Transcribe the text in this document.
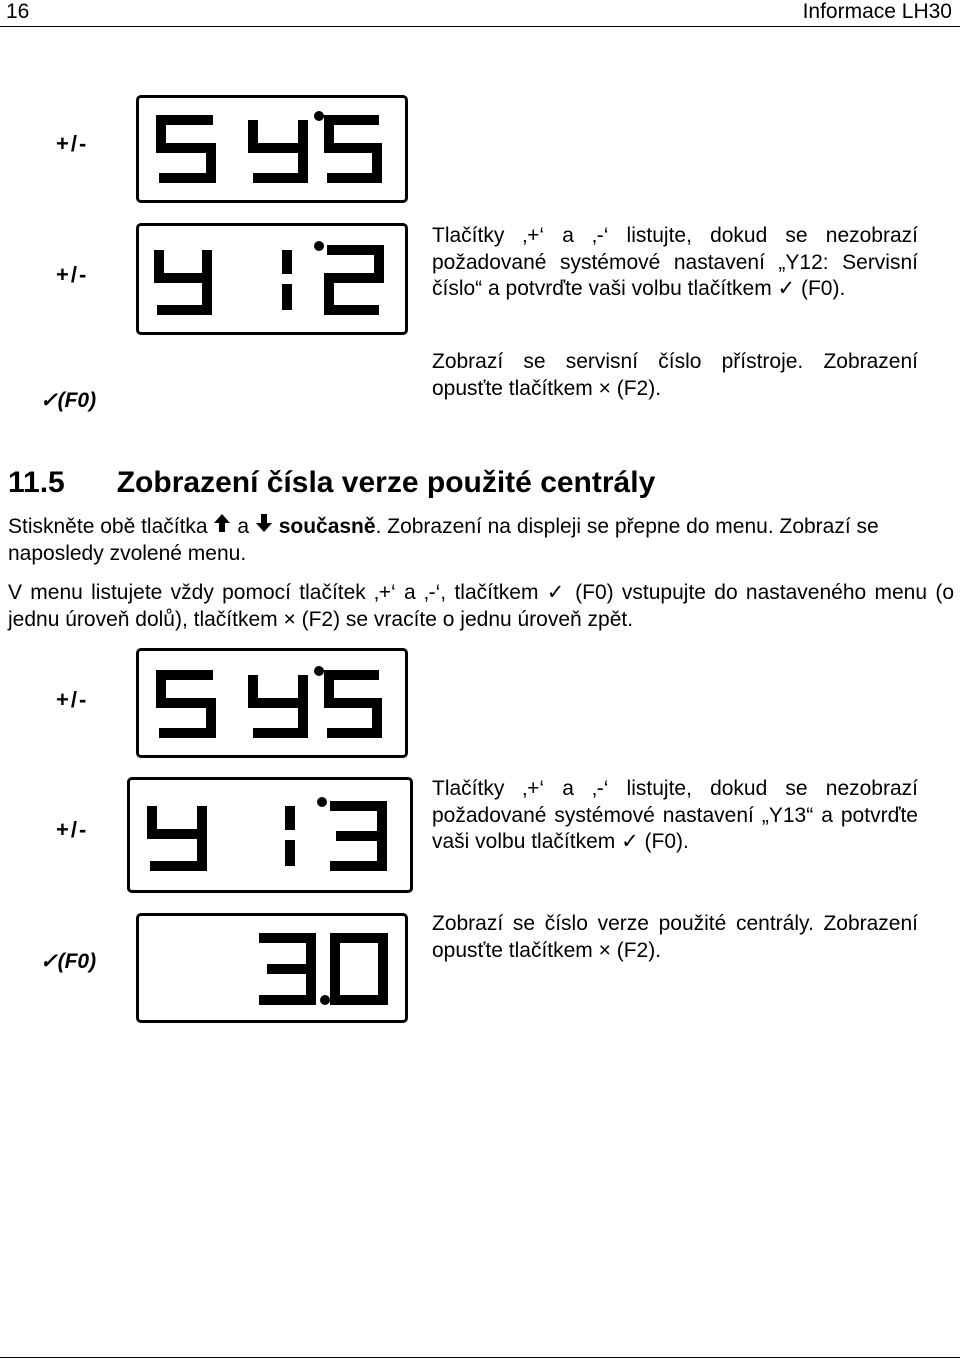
16	Informace LH30
+/-
+/-
Tlačítky ‚+‘ a ‚-‘ listujte, dokud se nezobrazí požadované systémové nastavení „Y12: Servisní číslo“ a potvrďte vaši volbu tlačítkem ✓ (F0).
✓(F0)
Zobrazí se servisní číslo přístroje. Zobrazení opusťte tlačítkem × (F2).
11.5 Zobrazení čísla verze použité centrály
Stiskněte obě tlačítka a současně. Zobrazení na displeji se přepne do menu. Zobrazí se naposledy zvolené menu.
V menu listujete vždy pomocí tlačítek ‚+‘ a ‚-‘, tlačítkem ✓ (F0) vstupujte do nastaveného menu (o jednu úroveň dolů), tlačítkem × (F2) se vracíte o jednu úroveň zpět.
+/-
+/-
Tlačítky ‚+‘ a ‚-‘ listujte, dokud se nezobrazí požadované systémové nastavení „Y13“ a potvrďte vaši volbu tlačítkem ✓ (F0).
✓(F0)
Zobrazí se číslo verze použité centrály. Zobrazení opusťte tlačítkem × (F2).
